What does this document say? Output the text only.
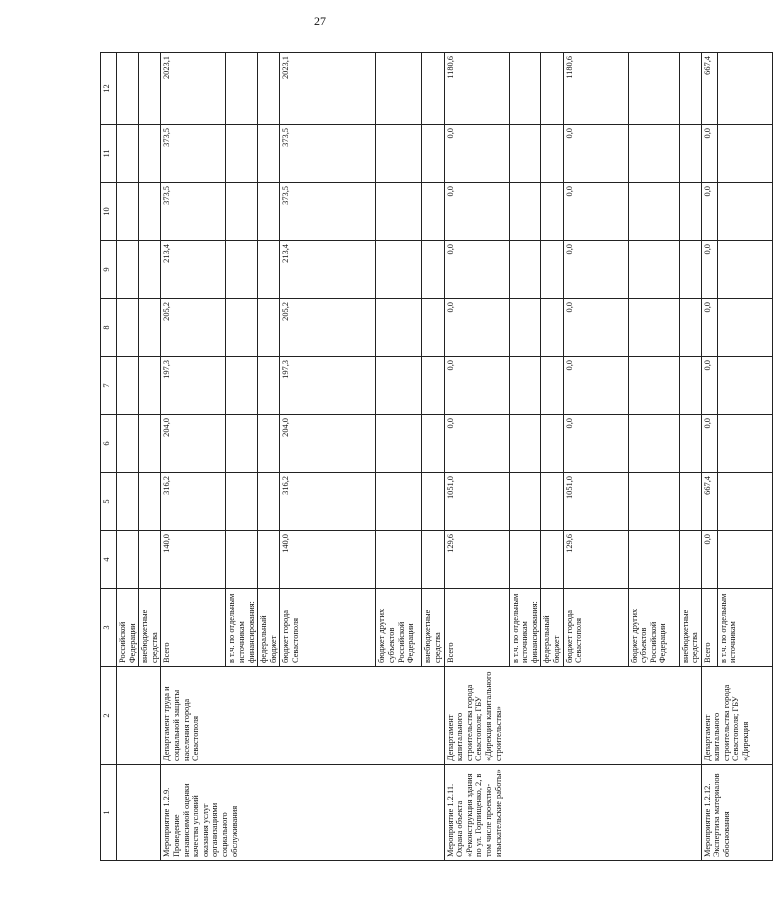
27
1	2	3	4	5	6	7	8	9	10	11	12
		Российской Федерации									
		внебюджетные средства									
Мероприятие 1.2.9. Проведение независимой оценки качества условий оказания услуг организациями социального обслуживания	Департамент труда и социальной защиты населения города Севастополя	Всего	140,0	316,2	204,0	197,3	205,2	213,4	373,5	373,5	2023,1
		в т.ч. по отдельным источникам финансирования:									
		федеральный бюджет									
		бюджет города Севастополя	140,0	316,2	204,0	197,3	205,2	213,4	373,5	373,5	2023,1
		бюджет других субъектов Российской Федерации									
		внебюджетные средства									
Мероприятие 1.2.11. Охрана объекта «Реконструкция здания по ул. Горпищенко, 2, в том числе проектно-изыскательские работы»	Департамент капитального строительства города Севастополя; ГБУ «Дирекция капитального строительства»	Всего	129,6	1051,0	0,0	0,0	0,0	0,0	0,0	0,0	1180,6
		в т.ч. по отдельным источникам финансирования:									
		федеральный бюджет									
		бюджет города Севастополя	129,6	1051,0	0,0	0,0	0,0	0,0	0,0	0,0	1180,6
		бюджет других субъектов Российской Федерации									
		внебюджетные средства									
Мероприятие 1.2.12. Экспертиза материалов обоснования	Департамент капитального строительства города Севастополя; ГБУ «Дирекция	Всего	0,0	667,4	0,0	0,0	0,0	0,0	0,0	0,0	667,4
		в т.ч. по отдельным источникам									
